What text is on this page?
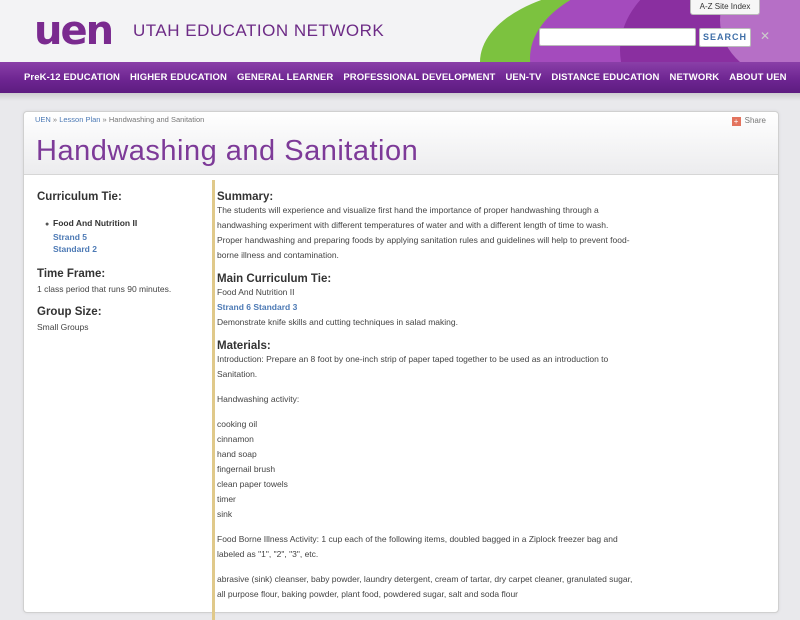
uen UTAH EDUCATION NETWORK
A-Z Site Index
SEARCH	✕
PreK-12 EDUCATION HIGHER EDUCATION GENERAL LEARNER PROFESSIONAL DEVELOPMENT UEN-TV DISTANCE EDUCATION NETWORK ABOUT UEN
UEN » Lesson Plan » Handwashing and Sanitation	+ Share
Handwashing and Sanitation
Curriculum Tie:
● Food And Nutrition II
Strand 5
Standard 2
Time Frame:

1 class period that runs 90 minutes.

Group Size:

Small Groups

Summary:

The students will experience and visualize first hand the importance of proper handwashing through a
handwashing experiment with different temperatures of water and with a different length of time to wash.
Proper handwashing and preparing foods by applying sanitation rules and guidelines will help to prevent food-
borne illness and contamination.

Main Curriculum Tie:

Food And Nutrition II

Strand 6 Standard 3

Demonstrate knife skills and cutting techniques in salad making.

Materials:

Introduction: Prepare an 8 foot by one-inch strip of paper taped together to be used as an introduction to
Sanitation.

Handwashing activity:

cooking oil
cinnamon
hand soap
fingernail brush
clean paper towels
timer
sink

Food Borne Illness Activity: 1 cup each of the following items, doubled bagged in a Ziplock freezer bag and
labeled as "1", "2", "3", etc.

abrasive (sink) cleanser, baby powder, laundry detergent, cream of tartar, dry carpet cleaner, granulated sugar,
all purpose flour, baking powder, plant food, powdered sugar, salt and soda flour
